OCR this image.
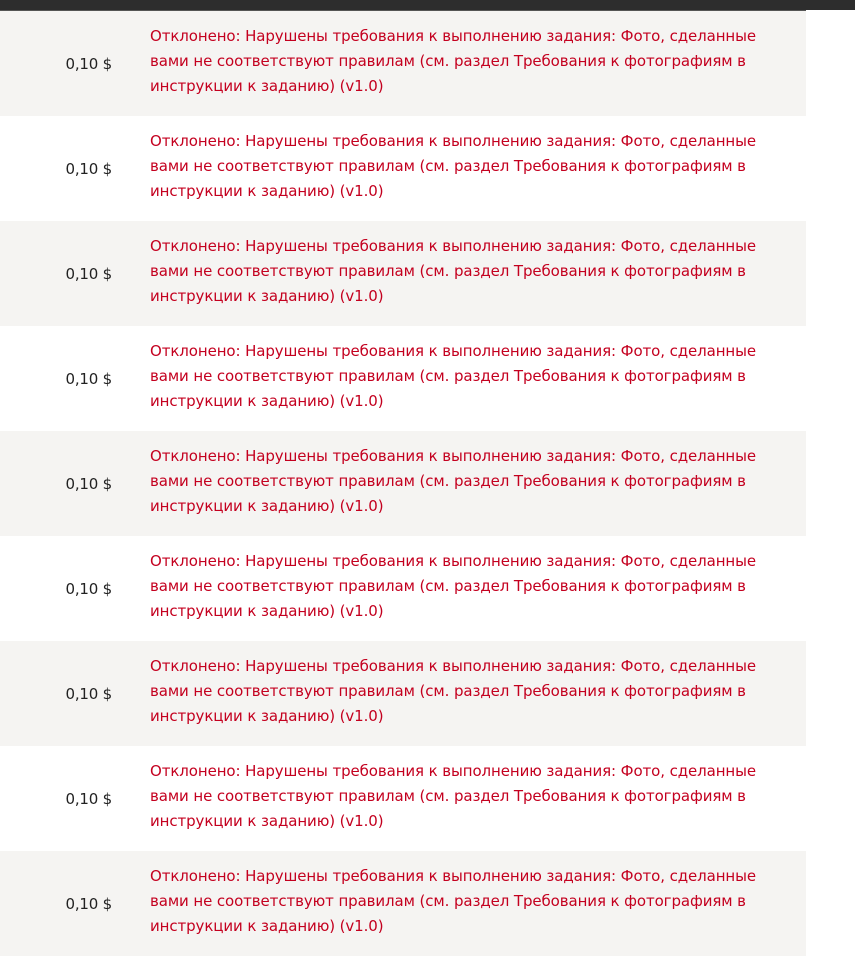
0,10 $
Отклонено: Нарушены требования к выполнению задания: Фото, сделанные вами не соответствуют правилам (см. раздел Требования к фотографиям в инструкции к заданию) (v1.0)
0,10 $
Отклонено: Нарушены требования к выполнению задания: Фото, сделанные вами не соответствуют правилам (см. раздел Требования к фотографиям в инструкции к заданию) (v1.0)
0,10 $
Отклонено: Нарушены требования к выполнению задания: Фото, сделанные вами не соответствуют правилам (см. раздел Требования к фотографиям в инструкции к заданию) (v1.0)
0,10 $
Отклонено: Нарушены требования к выполнению задания: Фото, сделанные вами не соответствуют правилам (см. раздел Требования к фотографиям в инструкции к заданию) (v1.0)
0,10 $
Отклонено: Нарушены требования к выполнению задания: Фото, сделанные вами не соответствуют правилам (см. раздел Требования к фотографиям в инструкции к заданию) (v1.0)
0,10 $
Отклонено: Нарушены требования к выполнению задания: Фото, сделанные вами не соответствуют правилам (см. раздел Требования к фотографиям в инструкции к заданию) (v1.0)
0,10 $
Отклонено: Нарушены требования к выполнению задания: Фото, сделанные вами не соответствуют правилам (см. раздел Требования к фотографиям в инструкции к заданию) (v1.0)
0,10 $
Отклонено: Нарушены требования к выполнению задания: Фото, сделанные вами не соответствуют правилам (см. раздел Требования к фотографиям в инструкции к заданию) (v1.0)
0,10 $
Отклонено: Нарушены требования к выполнению задания: Фото, сделанные вами не соответствуют правилам (см. раздел Требования к фотографиям в инструкции к заданию) (v1.0)
